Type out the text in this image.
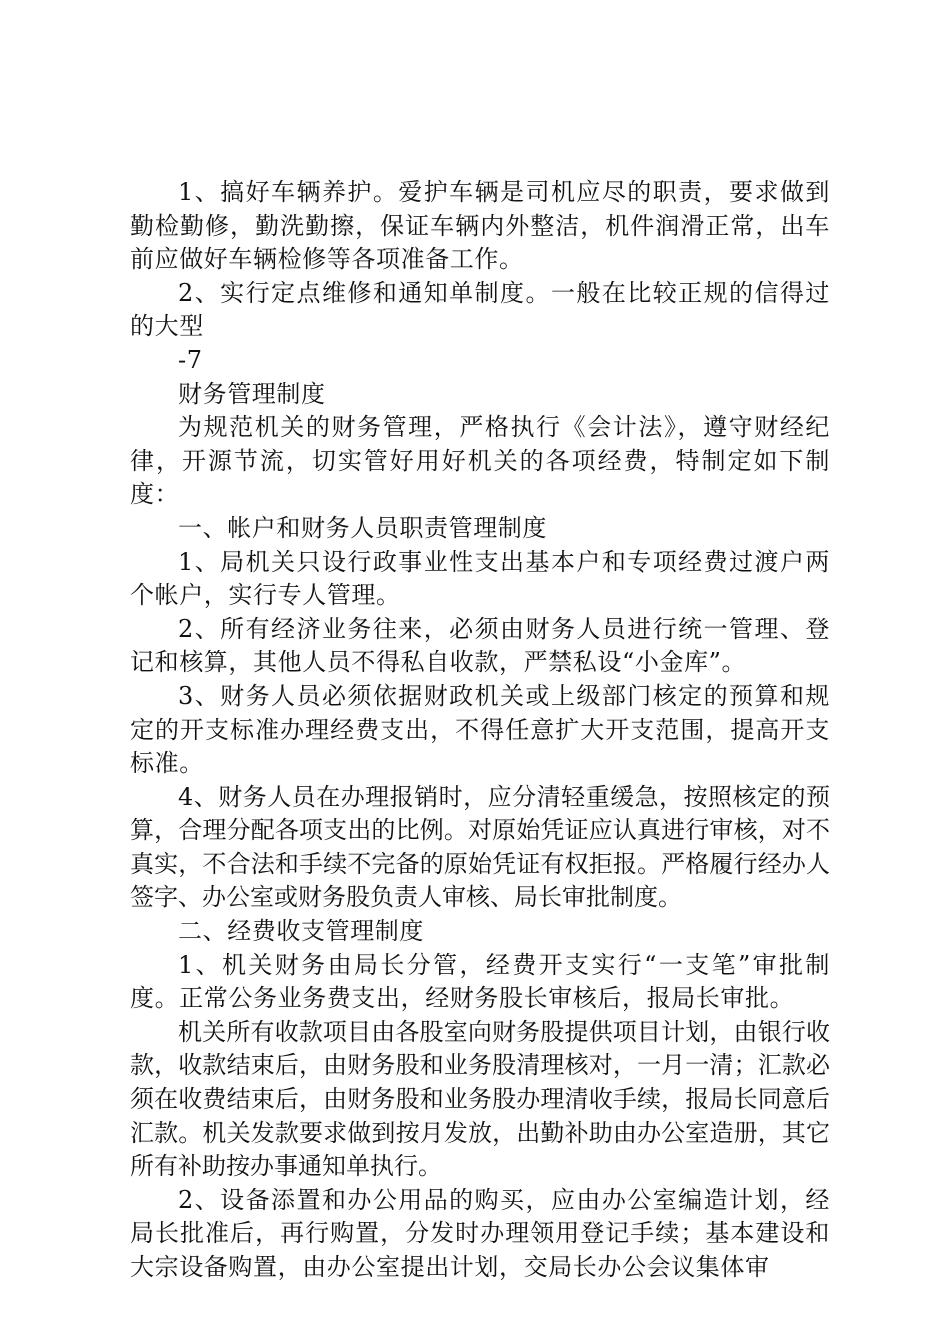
1、搞好车辆养护。爱护车辆是司机应尽的职责，要求做到勤检勤修，勤洗勤擦，保证车辆内外整洁，机件润滑正常，出车前应做好车辆检修等各项准备工作。

2、实行定点维修和通知单制度。一般在比较正规的信得过的大型

-7

财务管理制度

为规范机关的财务管理，严格执行《会计法》，遵守财经纪律，开源节流，切实管好用好机关的各项经费，特制定如下制度：

一、帐户和财务人员职责管理制度

1、局机关只设行政事业性支出基本户和专项经费过渡户两个帐户，实行专人管理。

2、所有经济业务往来，必须由财务人员进行统一管理、登记和核算，其他人员不得私自收款，严禁私设“小金库”。

3、财务人员必须依据财政机关或上级部门核定的预算和规定的开支标准办理经费支出，不得任意扩大开支范围，提高开支标准。

4、财务人员在办理报销时，应分清轻重缓急，按照核定的预算，合理分配各项支出的比例。对原始凭证应认真进行审核，对不真实，不合法和手续不完备的原始凭证有权拒报。严格履行经办人签字、办公室或财务股负责人审核、局长审批制度。

二、经费收支管理制度

1、机关财务由局长分管，经费开支实行“一支笔”审批制度。正常公务业务费支出，经财务股长审核后，报局长审批。

机关所有收款项目由各股室向财务股提供项目计划，由银行收款，收款结束后，由财务股和业务股清理核对，一月一清；汇款必须在收费结束后，由财务股和业务股办理清收手续，报局长同意后汇款。机关发款要求做到按月发放，出勤补助由办公室造册，其它所有补助按办事通知单执行。

2、设备添置和办公用品的购买，应由办公室编造计划，经局长批准后，再行购置，分发时办理领用登记手续；基本建设和大宗设备购置，由办公室提出计划，交局长办公会议集体审
